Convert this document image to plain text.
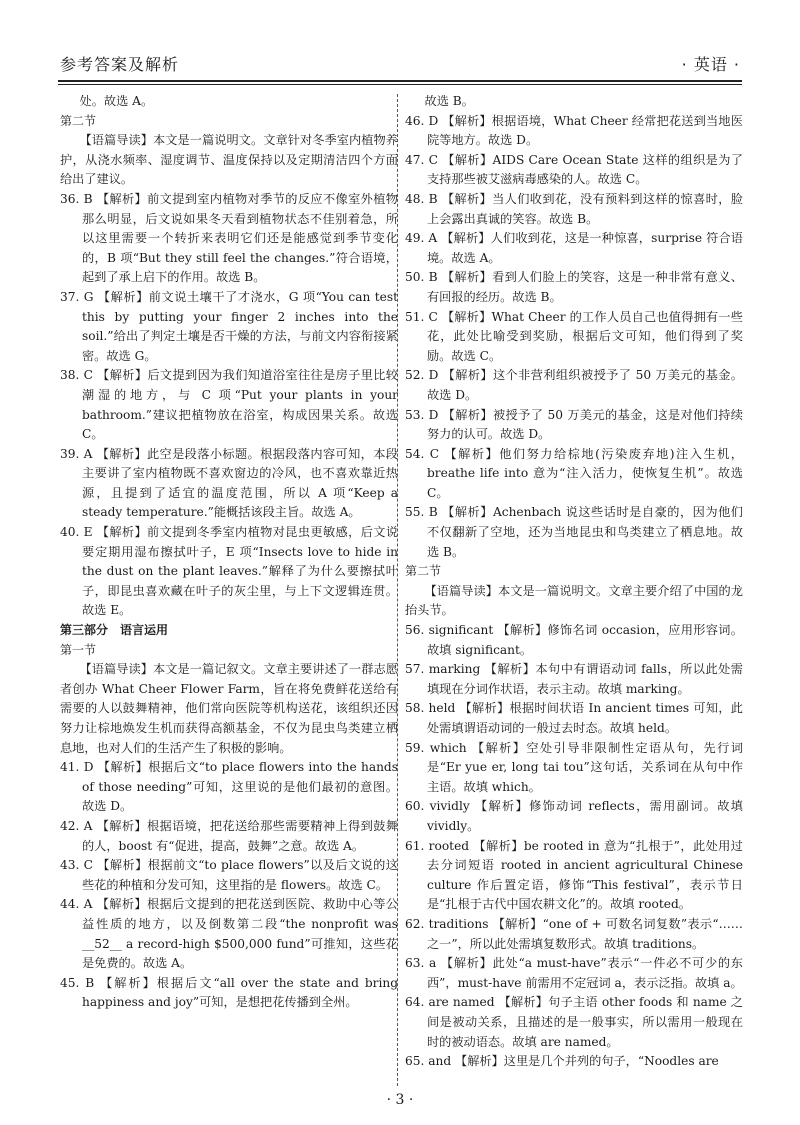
参考答案及解析	· 英语 ·

处。故选 A。

第二节

【语篇导读】本文是一篇说明文。文章针对冬季室内植物养护，从浇水频率、湿度调节、温度保持以及定期清洁四个方面给出了建议。

36. B 【解析】前文提到室内植物对季节的反应不像室外植物那么明显，后文说如果冬天看到植物状态不佳别着急，所以这里需要一个转折来表明它们还是能感觉到季节变化的，B 项“But they still feel the changes.”符合语境，起到了承上启下的作用。故选 B。

37. G 【解析】前文说土壤干了才浇水，G 项“You can test this by putting your finger 2 inches into the soil.”给出了判定土壤是否干燥的方法，与前文内容衔接紧密。故选 G。

38. C 【解析】后文提到因为我们知道浴室往往是房子里比较潮湿的地方，与 C 项“Put your plants in your bathroom.”建议把植物放在浴室，构成因果关系。故选 C。

39. A 【解析】此空是段落小标题。根据段落内容可知，本段主要讲了室内植物既不喜欢窗边的冷风，也不喜欢靠近热源，且提到了适宜的温度范围，所以 A 项“Keep a steady temperature.”能概括该段主旨。故选 A。

40. E 【解析】前文提到冬季室内植物对昆虫更敏感，后文说要定期用湿布擦拭叶子，E 项“Insects love to hide in the dust on the plant leaves.”解释了为什么要擦拭叶子，即昆虫喜欢藏在叶子的灰尘里，与上下文逻辑连贯。故选 E。

第三部分　语言运用

第一节

【语篇导读】本文是一篇记叙文。文章主要讲述了一群志愿者创办 What Cheer Flower Farm，旨在将免费鲜花送给有需要的人以鼓舞精神，他们常向医院等机构送花，该组织还因努力让棕地焕发生机而获得高额基金，不仅为昆虫鸟类建立栖息地，也对人们的生活产生了积极的影响。

41. D 【解析】根据后文“to place flowers into the hands of those needing”可知，这里说的是他们最初的意图。故选 D。

42. A 【解析】根据语境，把花送给那些需要精神上得到鼓舞的人，boost 有“促进，提高，鼓舞”之意。故选 A。

43. C 【解析】根据前文“to place flowers”以及后文说的这些花的种植和分发可知，这里指的是 flowers。故选 C。

44. A 【解析】根据后文提到的把花送到医院、救助中心等公益性质的地方，以及倒数第二段“the nonprofit was __52__ a record-high $500,000 fund”可推知，这些花是免费的。故选 A。

45. B 【解析】根据后文“all over the state and bring happiness and joy”可知，是想把花传播到全州。

故选 B。

46. D 【解析】根据语境，What Cheer 经常把花送到当地医院等地方。故选 D。

47. C 【解析】AIDS Care Ocean State 这样的组织是为了支持那些被艾滋病毒感染的人。故选 C。

48. B 【解析】当人们收到花，没有预料到这样的惊喜时，脸上会露出真诚的笑容。故选 B。

49. A 【解析】人们收到花，这是一种惊喜，surprise 符合语境。故选 A。

50. B 【解析】看到人们脸上的笑容，这是一种非常有意义、有回报的经历。故选 B。

51. C 【解析】What Cheer 的工作人员自己也值得拥有一些花，此处比喻受到奖励，根据后文可知，他们得到了奖励。故选 C。

52. D 【解析】这个非营利组织被授予了 50 万美元的基金。故选 D。

53. D 【解析】被授予了 50 万美元的基金，这是对他们持续努力的认可。故选 D。

54. C 【解析】他们努力给棕地(污染废弃地)注入生机，breathe life into 意为“注入活力，使恢复生机”。故选 C。

55. B 【解析】Achenbach 说这些话时是自豪的，因为他们不仅翻新了空地，还为当地昆虫和鸟类建立了栖息地。故选 B。

第二节

【语篇导读】本文是一篇说明文。文章主要介绍了中国的龙抬头节。

56. significant 【解析】修饰名词 occasion，应用形容词。故填 significant。

57. marking 【解析】本句中有谓语动词 falls，所以此处需填现在分词作状语，表示主动。故填 marking。

58. held 【解析】根据时间状语 In ancient times 可知，此处需填谓语动词的一般过去时态。故填 held。

59. which 【解析】空处引导非限制性定语从句，先行词是“Er yue er, long tai tou”这句话，关系词在从句中作主语。故填 which。

60. vividly 【解析】修饰动词 reflects，需用副词。故填 vividly。

61. rooted 【解析】be rooted in 意为“扎根于”，此处用过去分词短语 rooted in ancient agricultural Chinese culture 作后置定语，修饰“This festival”，表示节日是“扎根于古代中国农耕文化”的。故填 rooted。

62. traditions 【解析】“one of + 可数名词复数”表示“……之一”，所以此处需填复数形式。故填 traditions。

63. a 【解析】此处“a must-have”表示“一件必不可少的东西”，must-have 前需用不定冠词 a，表示泛指。故填 a。

64. are named 【解析】句子主语 other foods 和 name 之间是被动关系，且描述的是一般事实，所以需用一般现在时的被动语态。故填 are named。

65. and 【解析】这里是几个并列的句子，“Noodles are

· 3 ·
